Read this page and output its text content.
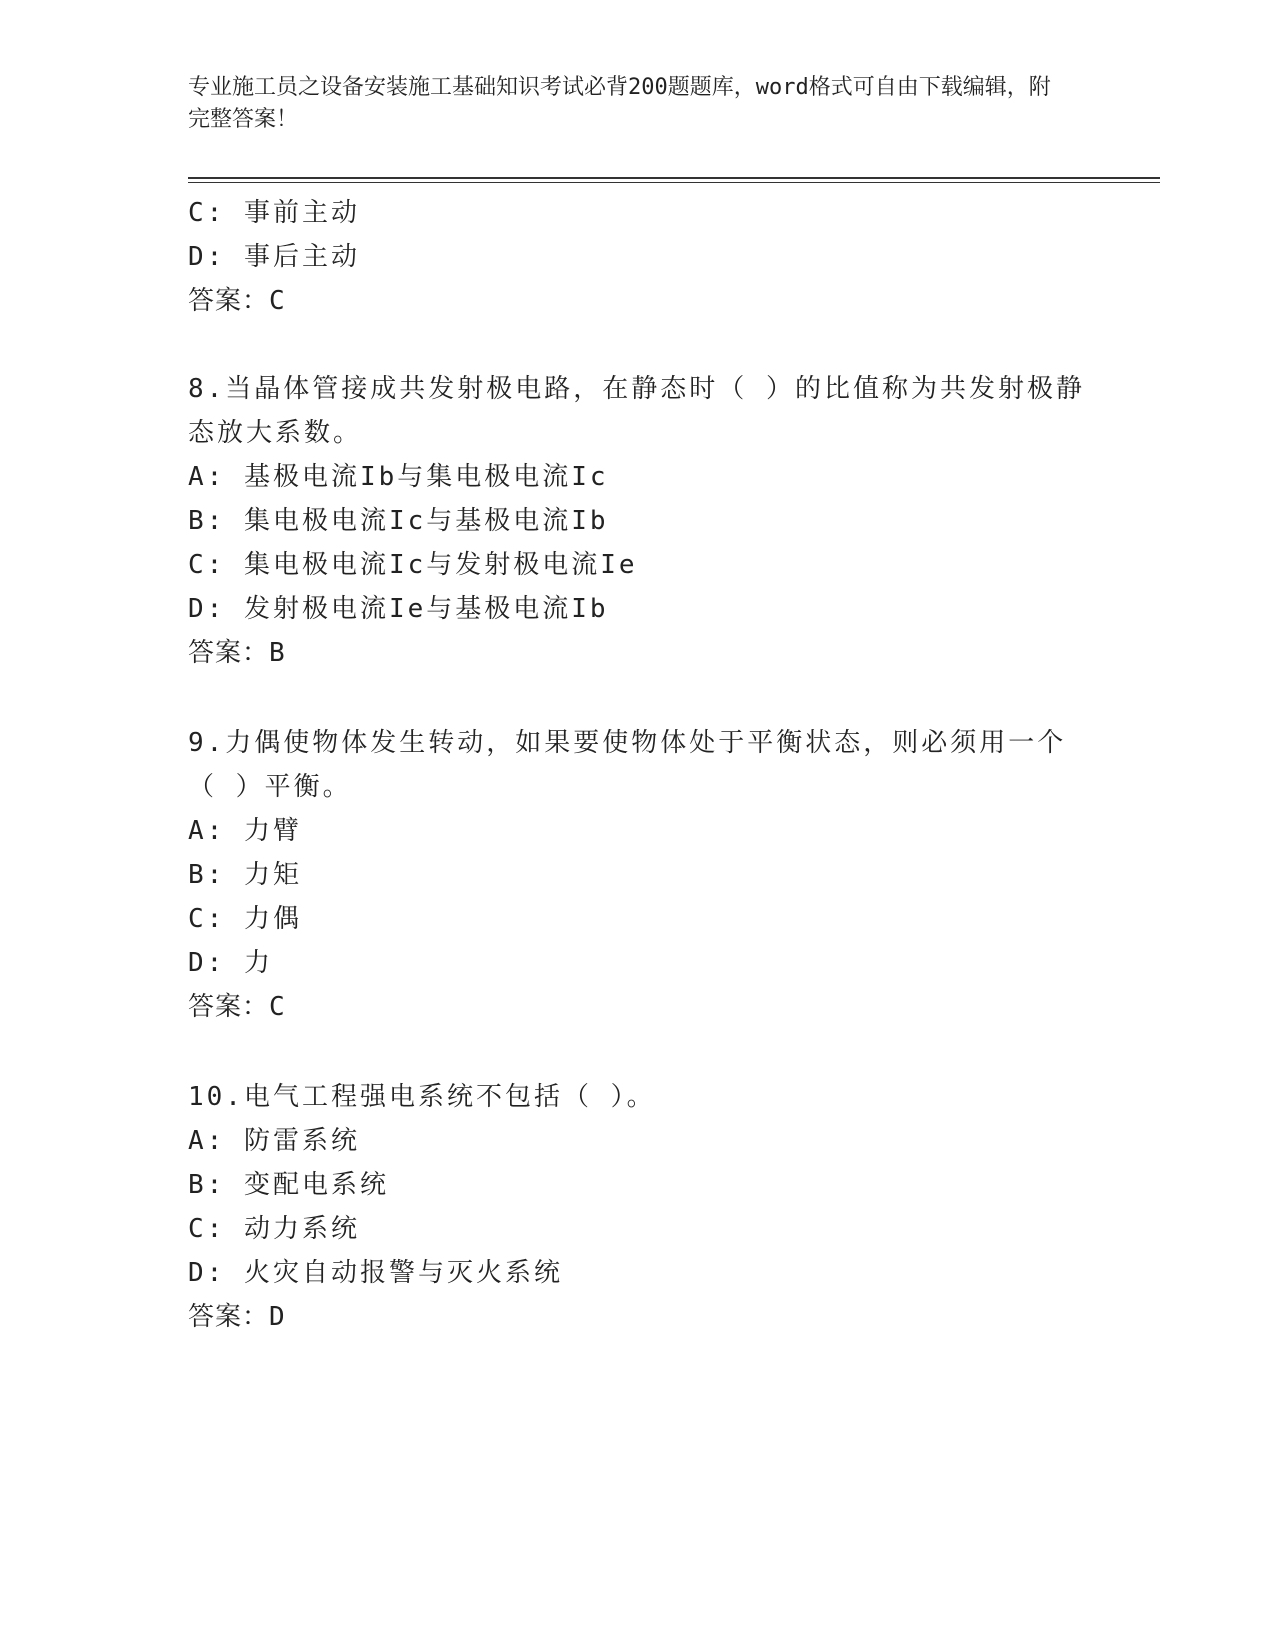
专业施工员之设备安装施工基础知识考试必背200题题库，word格式可自由下载编辑，附完整答案！
C: 事前主动
D: 事后主动
答案：C
8.当晶体管接成共发射极电路，在静态时（ ）的比值称为共发射极静
态放大系数。
A: 基极电流Ib与集电极电流Ic
B: 集电极电流Ic与基极电流Ib
C: 集电极电流Ic与发射极电流Ie
D: 发射极电流Ie与基极电流Ib
答案：B
9.力偶使物体发生转动，如果要使物体处于平衡状态，则必须用一个
（ ）平衡。
A: 力臂
B: 力矩
C: 力偶
D: 力
答案：C
10.电气工程强电系统不包括（ ）。
A: 防雷系统
B: 变配电系统
C: 动力系统
D: 火灾自动报警与灭火系统
答案：D
